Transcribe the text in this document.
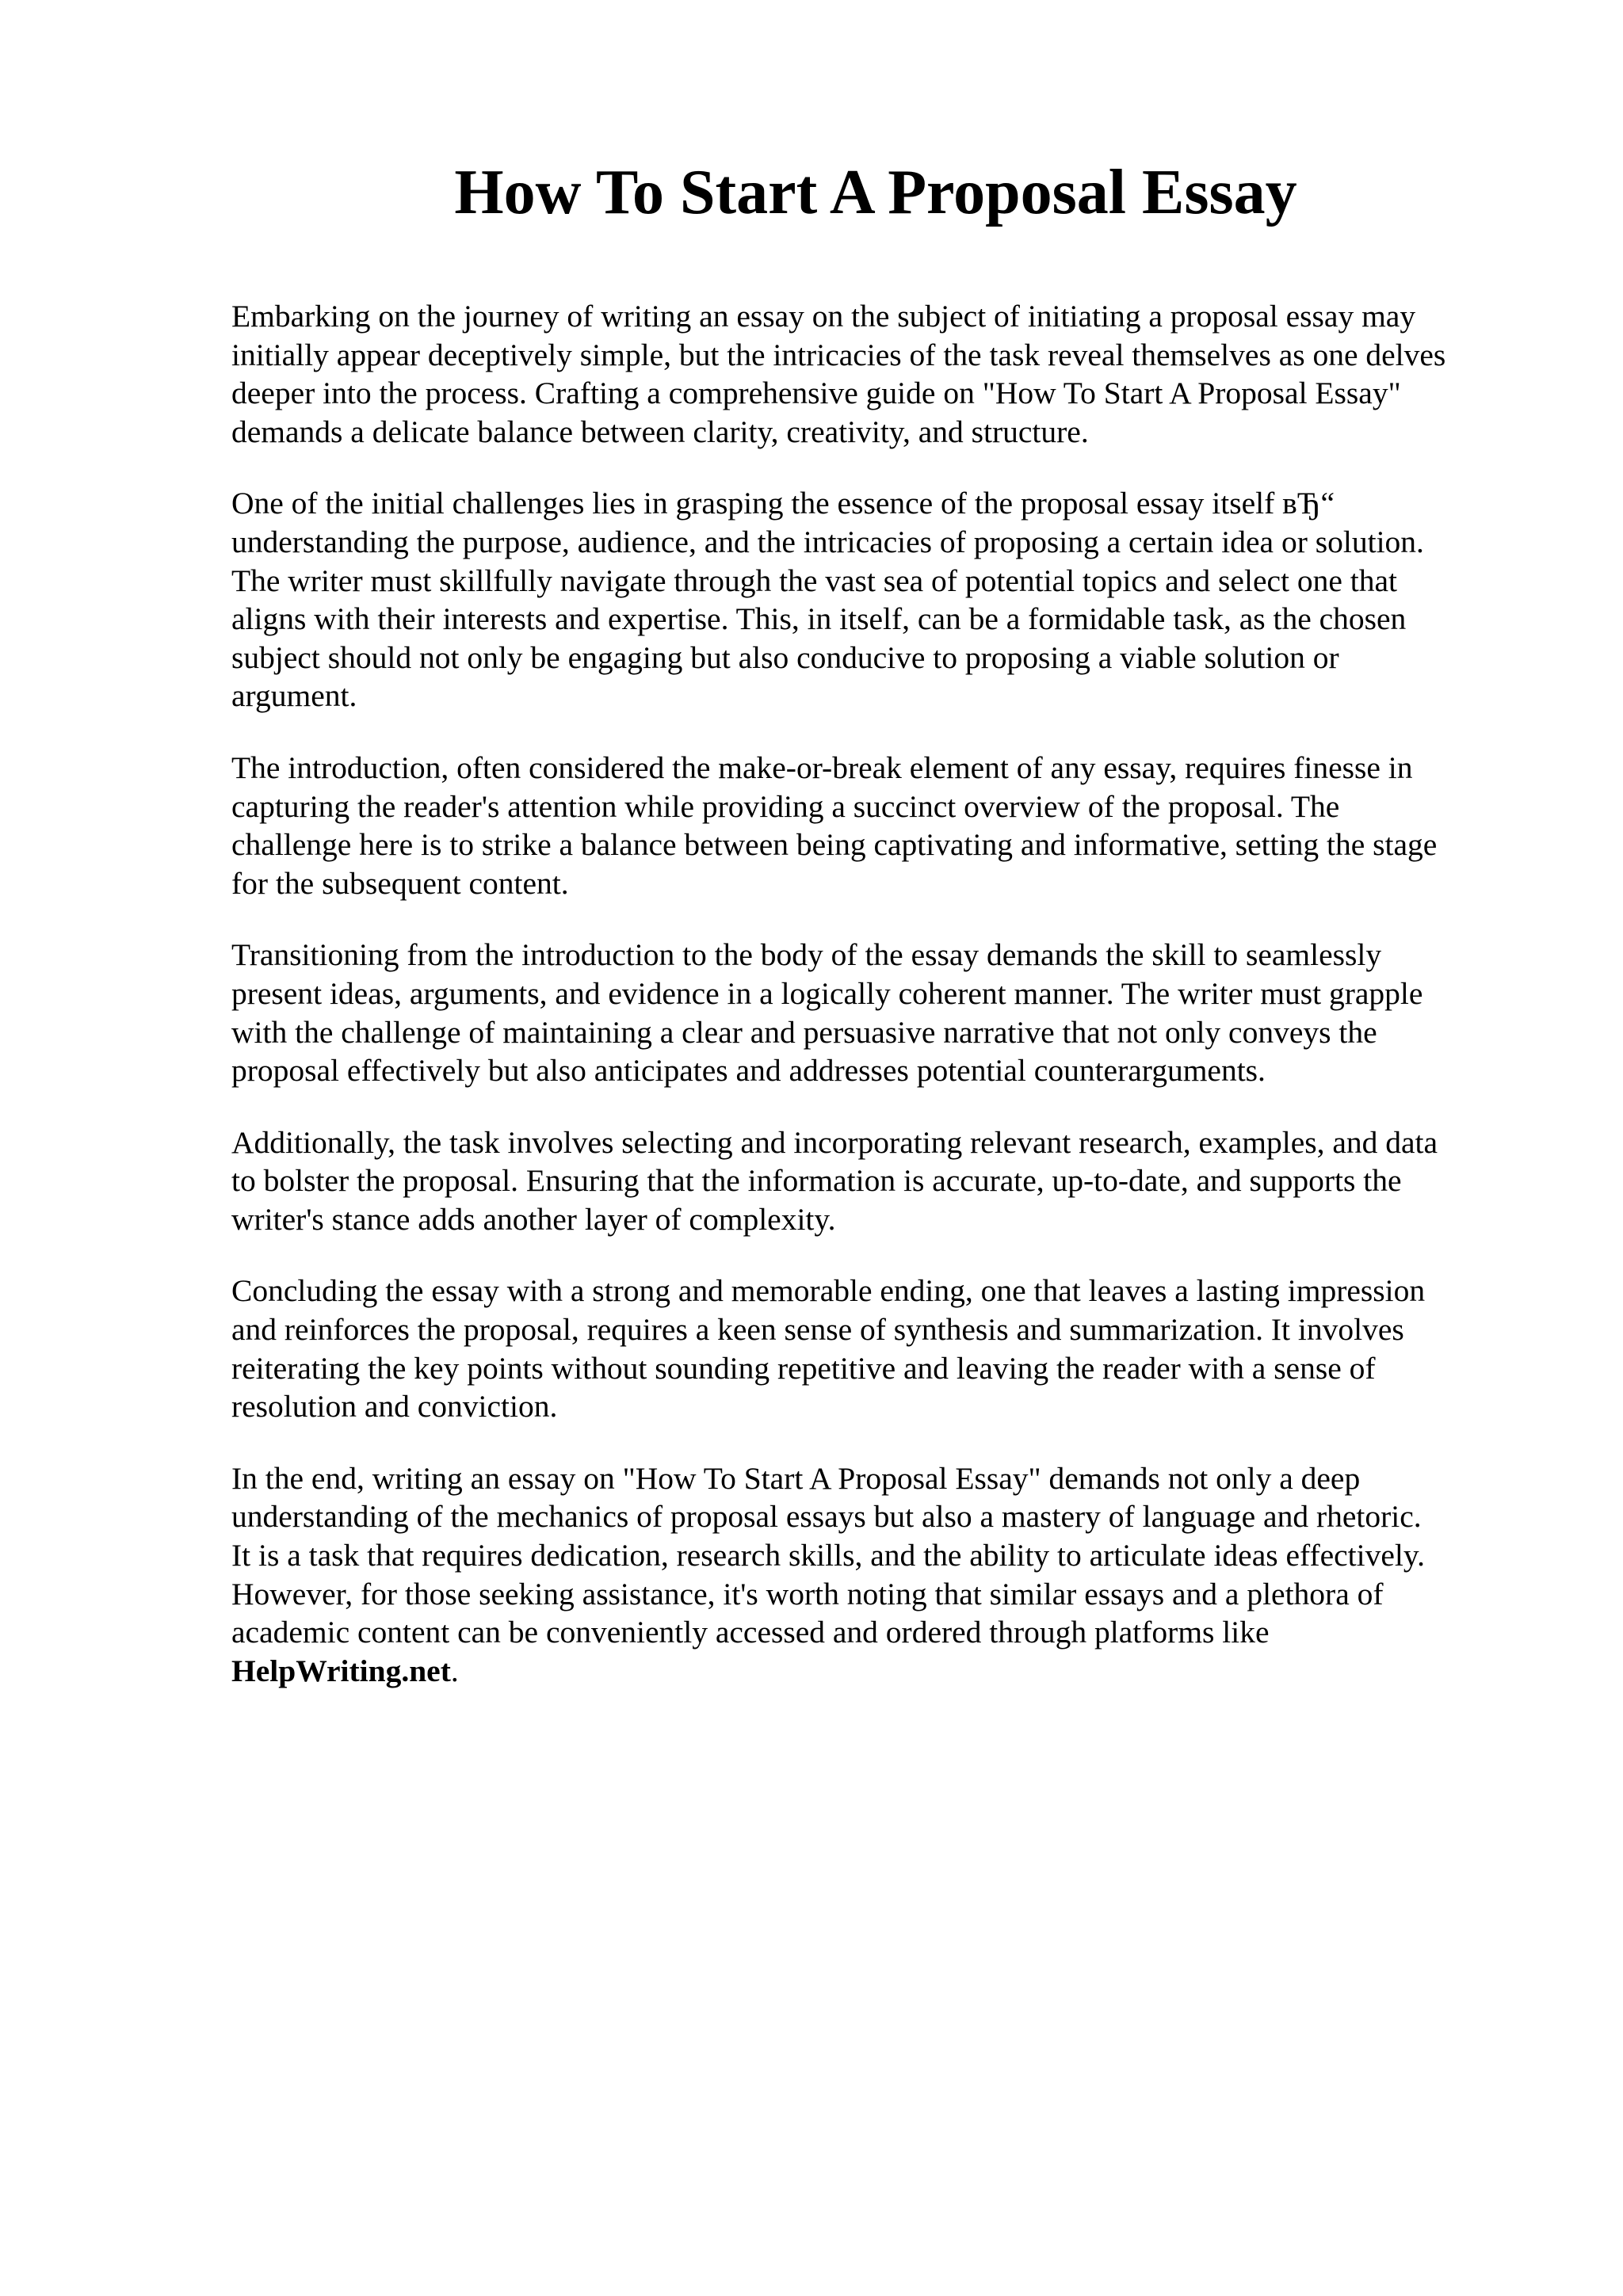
How To Start A Proposal Essay

Embarking on the journey of writing an essay on the subject of initiating a proposal essay may
initially appear deceptively simple, but the intricacies of the task reveal themselves as one delves
deeper into the process. Crafting a comprehensive guide on "How To Start A Proposal Essay"
demands a delicate balance between clarity, creativity, and structure.

One of the initial challenges lies in grasping the essence of the proposal essay itself вЂ“
understanding the purpose, audience, and the intricacies of proposing a certain idea or solution.
The writer must skillfully navigate through the vast sea of potential topics and select one that
aligns with their interests and expertise. This, in itself, can be a formidable task, as the chosen
subject should not only be engaging but also conducive to proposing a viable solution or
argument.

The introduction, often considered the make-or-break element of any essay, requires finesse in
capturing the reader's attention while providing a succinct overview of the proposal. The
challenge here is to strike a balance between being captivating and informative, setting the stage
for the subsequent content.

Transitioning from the introduction to the body of the essay demands the skill to seamlessly
present ideas, arguments, and evidence in a logically coherent manner. The writer must grapple
with the challenge of maintaining a clear and persuasive narrative that not only conveys the
proposal effectively but also anticipates and addresses potential counterarguments.

Additionally, the task involves selecting and incorporating relevant research, examples, and data
to bolster the proposal. Ensuring that the information is accurate, up-to-date, and supports the
writer's stance adds another layer of complexity.

Concluding the essay with a strong and memorable ending, one that leaves a lasting impression
and reinforces the proposal, requires a keen sense of synthesis and summarization. It involves
reiterating the key points without sounding repetitive and leaving the reader with a sense of
resolution and conviction.

In the end, writing an essay on "How To Start A Proposal Essay" demands not only a deep
understanding of the mechanics of proposal essays but also a mastery of language and rhetoric.
It is a task that requires dedication, research skills, and the ability to articulate ideas effectively.
However, for those seeking assistance, it's worth noting that similar essays and a plethora of
academic content can be conveniently accessed and ordered through platforms like
HelpWriting.net.
